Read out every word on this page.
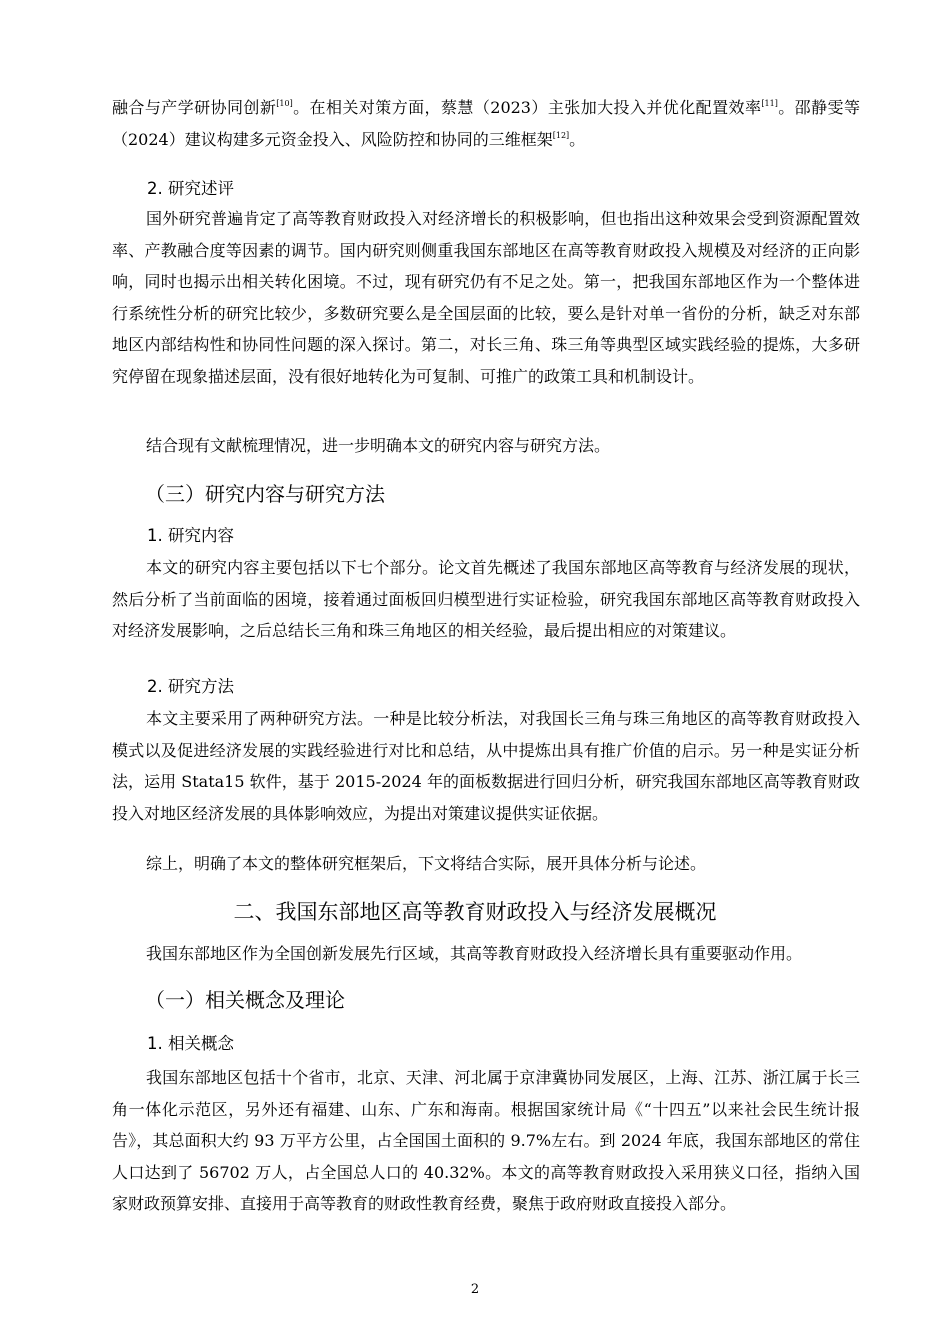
融合与产学研协同创新[10]。在相关对策方面，蔡慧（2023）主张加大投入并优化配置效率[11]。邵静雯等（2024）建议构建多元资金投入、风险防控和协同的三维框架[12]。

2. 研究述评

国外研究普遍肯定了高等教育财政投入对经济增长的积极影响，但也指出这种效果会受到资源配置效率、产教融合度等因素的调节。国内研究则侧重我国东部地区在高等教育财政投入规模及对经济的正向影响，同时也揭示出相关转化困境。不过，现有研究仍有不足之处。第一，把我国东部地区作为一个整体进行系统性分析的研究比较少，多数研究要么是全国层面的比较，要么是针对单一省份的分析，缺乏对东部地区内部结构性和协同性问题的深入探讨。第二，对长三角、珠三角等典型区域实践经验的提炼，大多研究停留在现象描述层面，没有很好地转化为可复制、可推广的政策工具和机制设计。

结合现有文献梳理情况，进一步明确本文的研究内容与研究方法。

（三）研究内容与研究方法
1. 研究内容

本文的研究内容主要包括以下七个部分。论文首先概述了我国东部地区高等教育与经济发展的现状，然后分析了当前面临的困境，接着通过面板回归模型进行实证检验，研究我国东部地区高等教育财政投入对经济发展影响，之后总结长三角和珠三角地区的相关经验，最后提出相应的对策建议。

2. 研究方法

本文主要采用了两种研究方法。一种是比较分析法，对我国长三角与珠三角地区的高等教育财政投入模式以及促进经济发展的实践经验进行对比和总结，从中提炼出具有推广价值的启示。另一种是实证分析法，运用 Stata15 软件，基于 2015-2024 年的面板数据进行回归分析，研究我国东部地区高等教育财政投入对地区经济发展的具体影响效应，为提出对策建议提供实证依据。

综上，明确了本文的整体研究框架后，下文将结合实际，展开具体分析与论述。

二、我国东部地区高等教育财政投入与经济发展概况

我国东部地区作为全国创新发展先行区域，其高等教育财政投入经济增长具有重要驱动作用。

（一）相关概念及理论
1. 相关概念

我国东部地区包括十个省市，北京、天津、河北属于京津冀协同发展区，上海、江苏、浙江属于长三角一体化示范区，另外还有福建、山东、广东和海南。根据国家统计局《“十四五”以来社会民生统计报告》，其总面积大约 93 万平方公里，占全国国土面积的 9.7%左右。到 2024 年底，我国东部地区的常住人口达到了 56702 万人，占全国总人口的 40.32%。本文的高等教育财政投入采用狭义口径，指纳入国家财政预算安排、直接用于高等教育的财政性教育经费，聚焦于政府财政直接投入部分。

2
